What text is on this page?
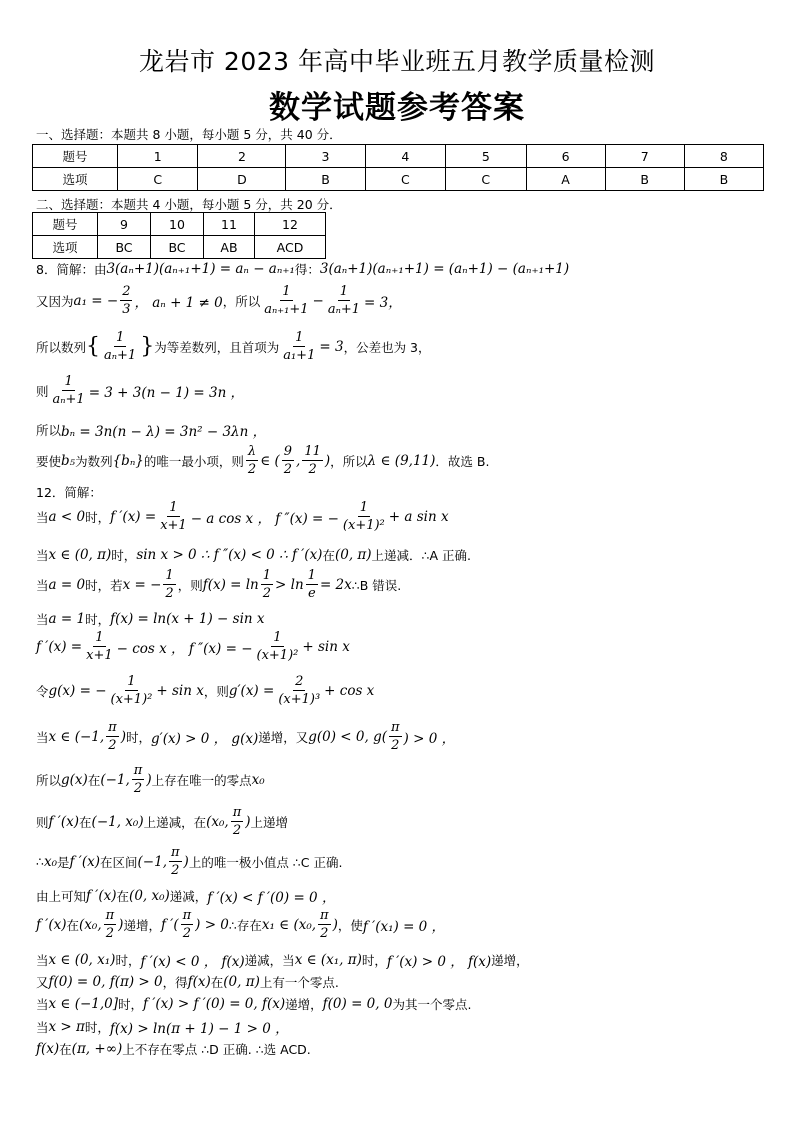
龙岩市 2023 年高中毕业班五月教学质量检测
数学试题参考答案
一、选择题：本题共 8 小题，每小题 5 分，共 40 分．
题号	1	2	3	4	5	6	7	8
选项	C	D	B	C	C	A	B	B
二、选择题：本题共 4 小题，每小题 5 分，共 20 分．
题号	9	10	11	12
选项	BC	BC	AB	ACD
8．简解：由 3(aₙ+1)(aₙ₊₁+1) = aₙ − aₙ₊₁ 得： 3(aₙ+1)(aₙ₊₁+1) = (aₙ+1) − (aₙ₊₁+1)
又因为 a₁ = − $\frac{2}{3}$ ， aₙ + 1 ≠ 0 ，所以 $\frac{1}{\text{aₙ₊₁+1}} - \frac{1}{\text{aₙ+1}} = 3$，
所以数列 { $\frac{1}{\text{aₙ+1}}$ } 为等差数列，且首项为 $\frac{1}{\text{a₁+1}} = 3$ ，公差也为 3，
则 $\frac{1}{\text{aₙ+1}} = 3 + 3(n - 1) = 3n$ ，
所以 bₙ = 3n(n − λ) = 3n² − 3λn ，
要使 b₅ 为数列 {bₙ} 的唯一最小项，则 $\frac{\lambda}{2}$ ∈ ( $\frac{9}{2}$ , $\frac{11}{2}$ ) ，所以 λ ∈ (9,11) ．故选 B.
12．简解：
当 a < 0 时， f $'(x) = \frac{1}{x+1} - a$ cos x ， f ″(x) = − $\frac{1}{\text{(x+1)²}} + a$ sin x
当 x ∈ (0, π) 时， sin x > 0 ∴ f ″(x) < 0 ∴ f ′(x) 在 (0, π) 上递减．∴A 正确.
当 a = 0 时，若 x = − $\frac{1}{2}$ ，则 $f(x) = \ln \frac{1}{2} > \ln \frac{1}{e} = 2x$ ∴B 错误.
当 a = 1 时， f(x) = ln(x + 1) − sin x
f $'(x) = \frac{1}{x+1} - \cos x$ ， f ″(x) = − $\frac{1}{\text{(x+1)²}} + \sin x$
令 g(x) = − $\frac{1}{\text{(x+1)²}} + \sin x$ ，则 $g'(x) = \frac{2}{\text{(x+1)³}} + \cos x$
当 x ∈ (−1, $\frac{\pi}{2}$ ) 时， g′(x) > 0 ， g(x) 递增，又 g(0) < 0, $g( \frac{\pi}{2}$ ) > 0 ，
所以 g(x) 在 (−1, $\frac{\pi}{2}$ ) 上存在唯一的零点 x₀
则 f ′(x) 在 (−1, x₀) 上递减，在 (x₀, $\frac{\pi}{2}$ ) 上递增
∴ x₀ 是 f ′(x) 在区间 (−1, $\frac{\pi}{2}$ ) 上的唯一极小值点 ∴C 正确.
由上可知 f ′(x) 在 (0, x₀) 递减， f ′(x) < f ′(0) = 0 ，
f ′(x) 在 (x₀, $\frac{\pi}{2}$ ) 递增， f ′( $\frac{\pi}{2}$ ) > 0 ∴存在 x₁ ∈ (x₀, $\frac{\pi}{2}$ ) ，使 f ′(x₁) = 0 ，
当 x ∈ (0, x₁) 时， f ′(x) < 0 ， f(x) 递减，当 x ∈ (x₁, π) 时， f ′(x) > 0 ， f(x) 递增，
又 f(0) = 0, f(π) > 0 ，得 f(x) 在 (0, π) 上有一个零点.
当 x ∈ (−1,0] 时， f ′(x) > f ′(0) = 0, f(x) 递增， f(0) = 0, 0 为其一个零点.
当 x > π 时， f(x) > ln(π + 1) − 1 > 0 ，
f(x) 在 (π, +∞) 上不存在零点 ∴D 正确. ∴选 ACD.
